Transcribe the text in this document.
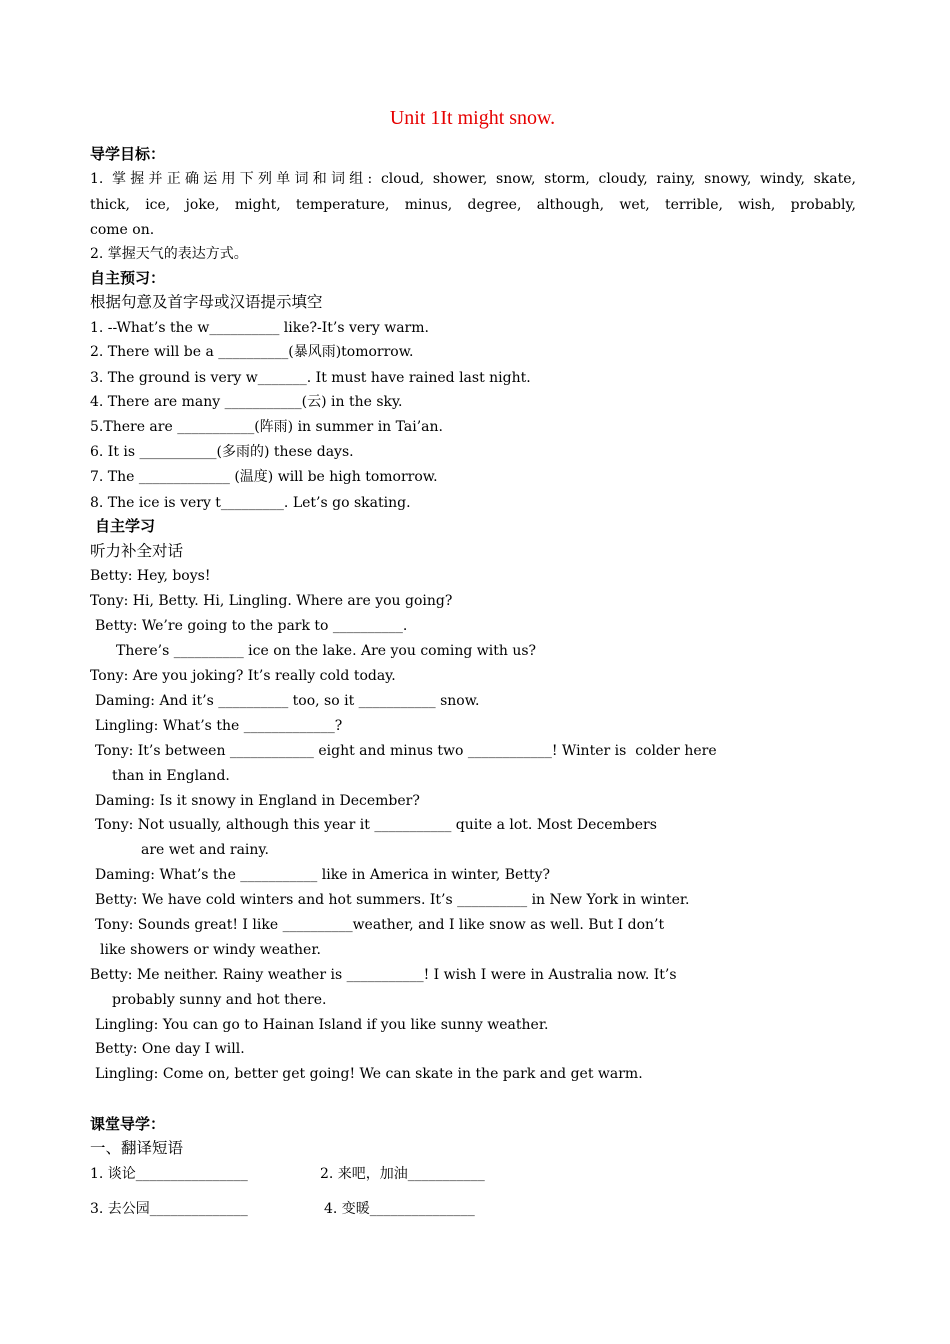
Unit 1It might snow.
导学目标：
1. 掌握并正确运用下列单词和词组: cloud, shower, snow, storm, cloudy, rainy, snowy, windy, skate,
thick, ice, joke, might, temperature, minus, degree, although, wet, terrible, wish, probably,
come on.
2. 掌握天气的表达方式。
自主预习：
根据句意及首字母或汉语提示填空
1. --What’s the w__________ like?-It’s very warm.
2. There will be a __________(暴风雨)tomorrow.
3. The ground is very w_______. It must have rained last night.
4. There are many ___________(云) in the sky.
5.There are ___________(阵雨) in summer in Tai’an.
6. It is ___________(多雨的) these days.
7. The _____________ (温度) will be high tomorrow.
8. The ice is very t_________. Let’s go skating.
自主学习
听力补全对话
Betty: Hey, boys!
Tony: Hi, Betty. Hi, Lingling. Where are you going?
Betty: We’re going to the park to __________.
There’s __________ ice on the lake. Are you coming with us?
Tony: Are you joking? It’s really cold today.
Daming: And it’s __________ too, so it ___________ snow.
Lingling: What’s the _____________?
Tony: It’s between ____________ eight and minus two ____________! Winter is  colder here
than in England.
Daming: Is it snowy in England in December?
Tony: Not usually, although this year it ___________ quite a lot. Most Decembers
are wet and rainy.
Daming: What’s the ___________ like in America in winter, Betty?
Betty: We have cold winters and hot summers. It’s __________ in New York in winter.
Tony: Sounds great! I like __________weather, and I like snow as well. But I don’t
like showers or windy weather.
Betty: Me neither. Rainy weather is ___________! I wish I were in Australia now. It’s
probably sunny and hot there.
Lingling: You can go to Hainan Island if you like sunny weather.
Betty: One day I will.
Lingling: Come on, better get going! We can skate in the park and get warm.
课堂导学：
一、翻译短语
1. 谈论________________	2. 来吧，加油___________
3. 去公园______________	4. 变暖_______________
